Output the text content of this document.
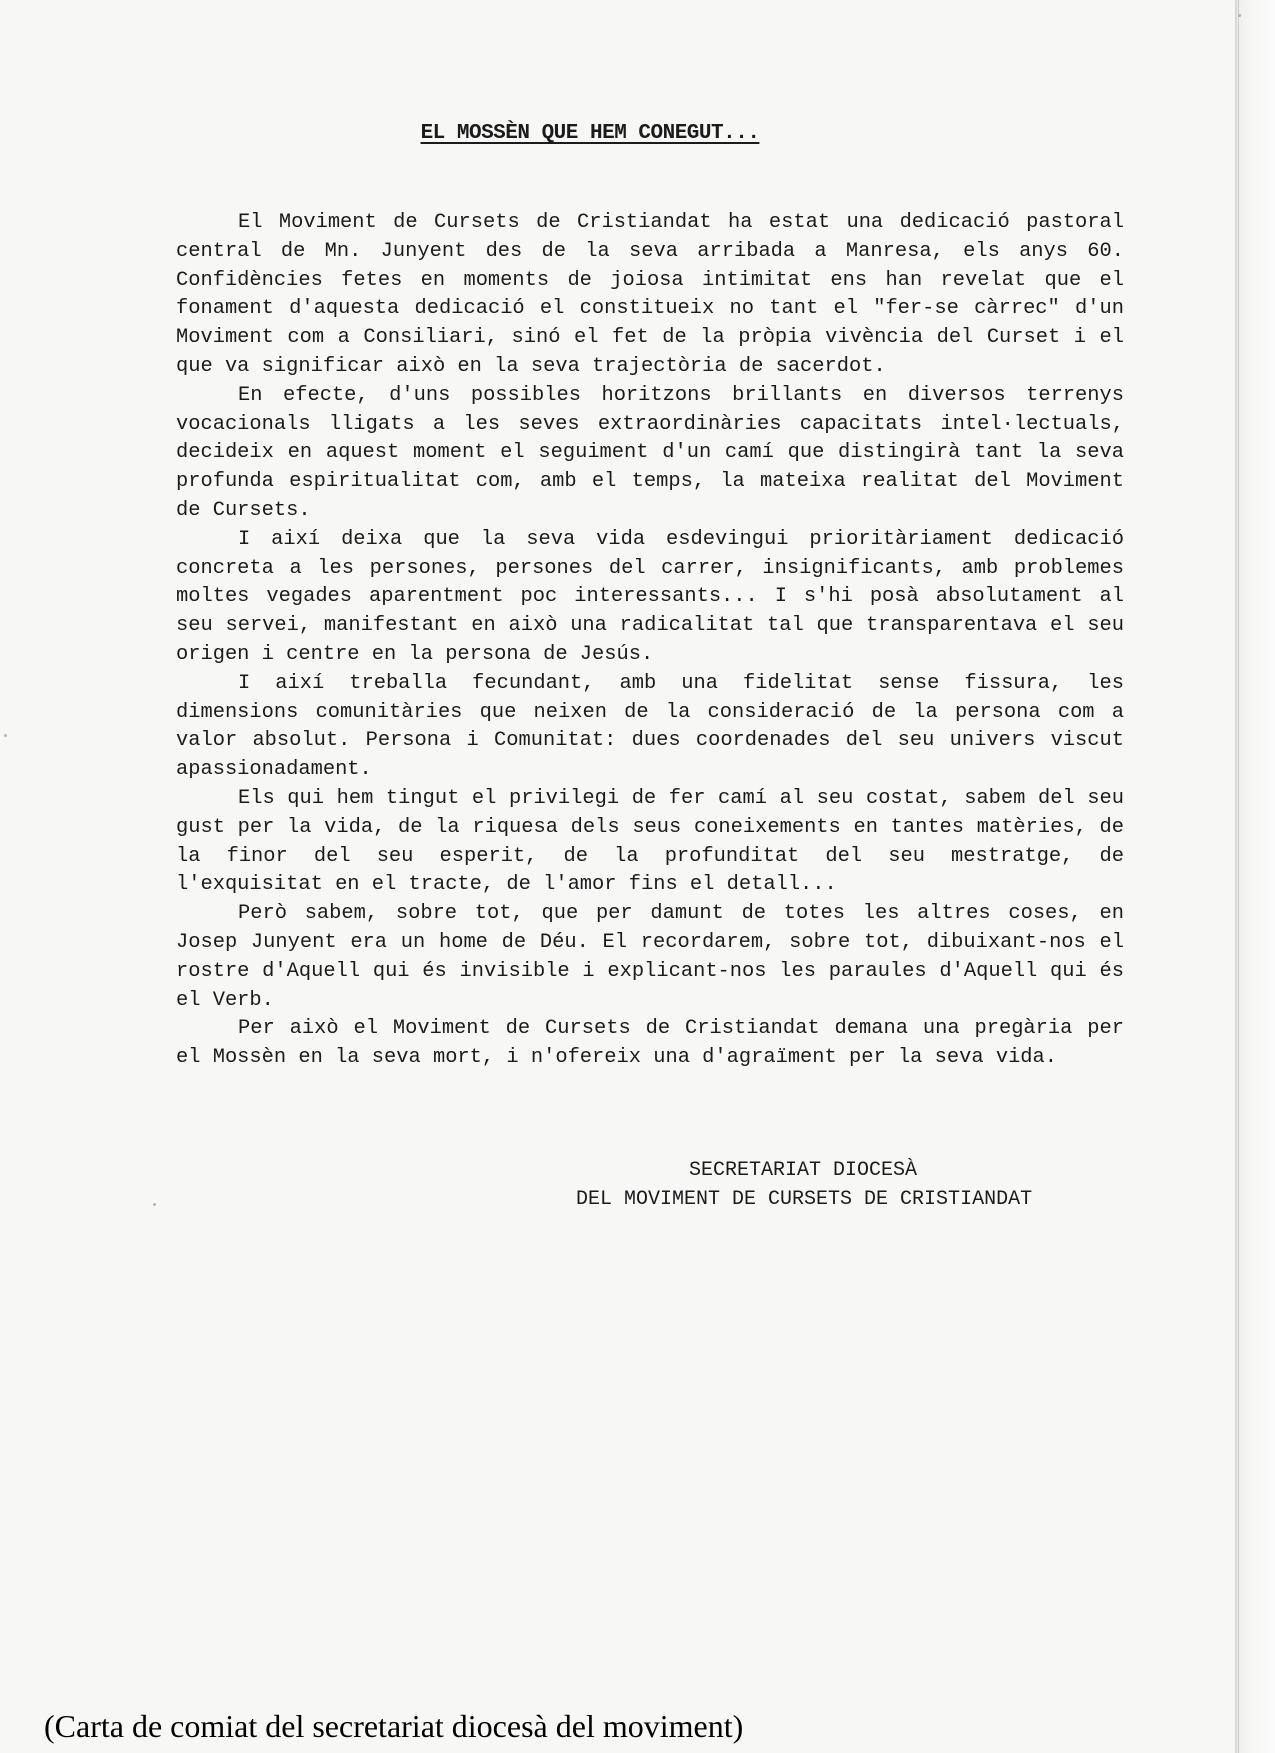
EL MOSSÈN QUE HEM CONEGUT...

El Moviment de Cursets de Cristiandat ha estat una dedicació pastoral central de Mn. Junyent des de la seva arribada a Manresa, els anys 60. Confidències fetes en moments de joiosa intimitat ens han revelat que el fonament d'aquesta dedicació el constitueix no tant el "fer-se càrrec" d'un Moviment com a Consiliari, sinó el fet de la pròpia vivència del Curset i el que va significar això en la seva trajectòria de sacerdot.

En efecte, d'uns possibles horitzons brillants en diversos terrenys vocacionals lligats a les seves extraordinàries capacitats intel·lectuals, decideix en aquest moment el seguiment d'un camí que distingirà tant la seva profunda espiritualitat com, amb el temps, la mateixa realitat del Moviment de Cursets.

I així deixa que la seva vida esdevingui prioritàriament dedicació concreta a les persones, persones del carrer, insignificants, amb problemes moltes vegades aparentment poc interessants... I s'hi posà absolutament al seu servei, manifestant en això una radicalitat tal que transparentava el seu origen i centre en la persona de Jesús.

I així treballa fecundant, amb una fidelitat sense fissura, les dimensions comunitàries que neixen de la consideració de la persona com a valor absolut. Persona i Comunitat: dues coordenades del seu univers viscut apassionadament.

Els qui hem tingut el privilegi de fer camí al seu costat, sabem del seu gust per la vida, de la riquesa dels seus coneixements en tantes matèries, de la finor del seu esperit, de la profunditat del seu mestratge, de l'exquisitat en el tracte, de l'amor fins el detall...

Però sabem, sobre tot, que per damunt de totes les altres coses, en Josep Junyent era un home de Déu. El recordarem, sobre tot, dibuixant-nos el rostre d'Aquell qui és invisible i explicant-nos les paraules d'Aquell qui és el Verb.

Per això el Moviment de Cursets de Cristiandat demana una pregària per el Mossèn en la seva mort, i n'ofereix una d'agraïment per la seva vida.

SECRETARIAT DIOCESÀ
DEL MOVIMENT DE CURSETS DE CRISTIANDAT
(Carta de comiat del secretariat diocesà del moviment)
